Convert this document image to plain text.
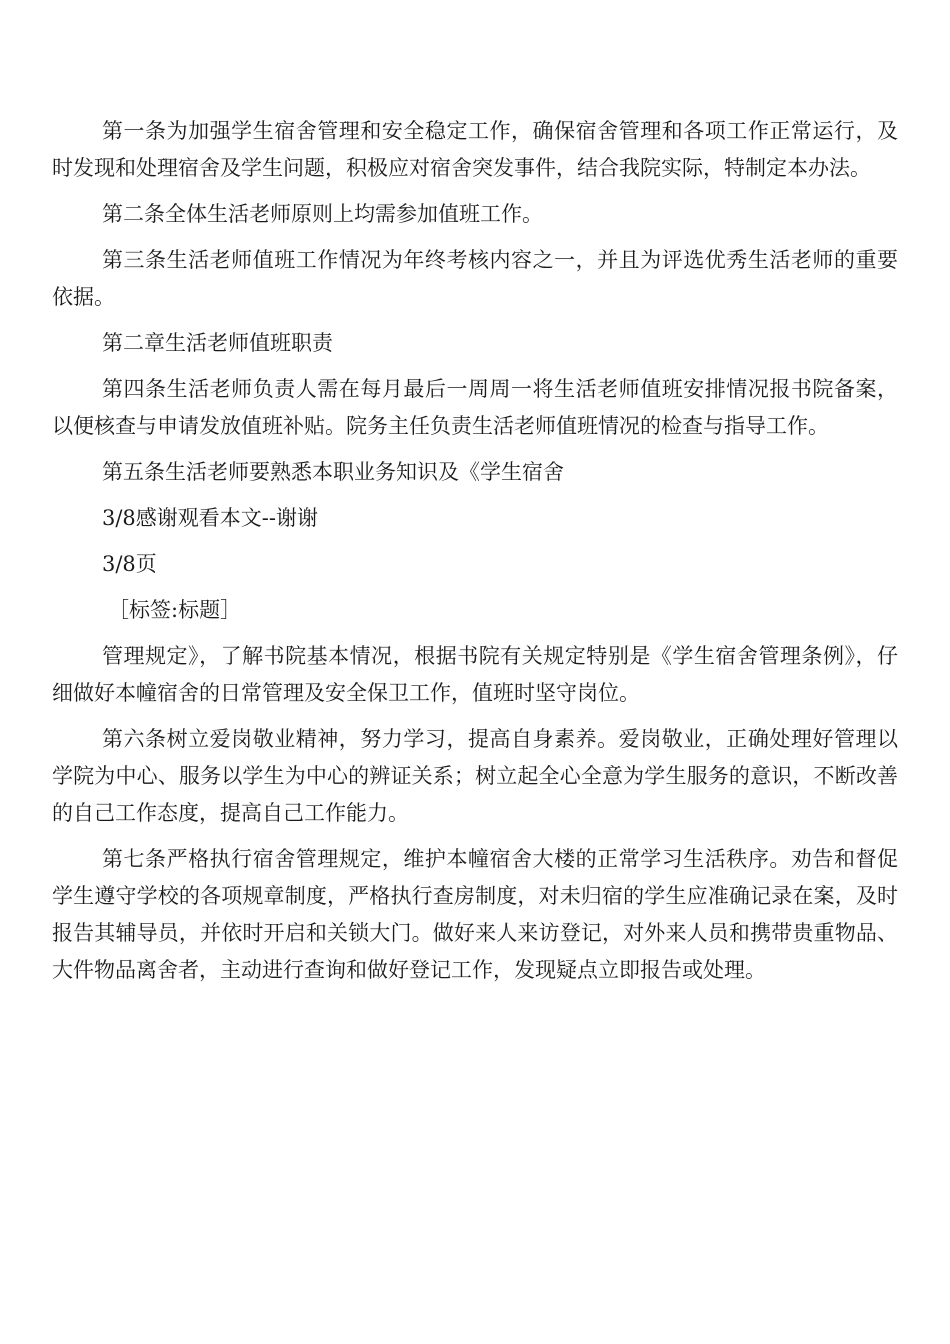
第一条为加强学生宿舍管理和安全稳定工作，确保宿舍管理和各项工作正常运行，及时发现和处理宿舍及学生问题，积极应对宿舍突发事件，结合我院实际，特制定本办法。

第二条全体生活老师原则上均需参加值班工作。

第三条生活老师值班工作情况为年终考核内容之一，并且为评选优秀生活老师的重要依据。

第二章生活老师值班职责

第四条生活老师负责人需在每月最后一周周一将生活老师值班安排情况报书院备案，以便核查与申请发放值班补贴。院务主任负责生活老师值班情况的检查与指导工作。

第五条生活老师要熟悉本职业务知识及《学生宿舍

3/8感谢观看本文--谢谢

3/8页

［标签:标题］

管理规定》，了解书院基本情况，根据书院有关规定特别是《学生宿舍管理条例》，仔细做好本幢宿舍的日常管理及安全保卫工作，值班时坚守岗位。

第六条树立爱岗敬业精神，努力学习，提高自身素养。爱岗敬业，正确处理好管理以学院为中心、服务以学生为中心的辨证关系；树立起全心全意为学生服务的意识，不断改善的自己工作态度，提高自己工作能力。

第七条严格执行宿舍管理规定，维护本幢宿舍大楼的正常学习生活秩序。劝告和督促学生遵守学校的各项规章制度，严格执行查房制度，对未归宿的学生应准确记录在案，及时报告其辅导员，并依时开启和关锁大门。做好来人来访登记，对外来人员和携带贵重物品、大件物品离舍者，主动进行查询和做好登记工作，发现疑点立即报告或处理。
